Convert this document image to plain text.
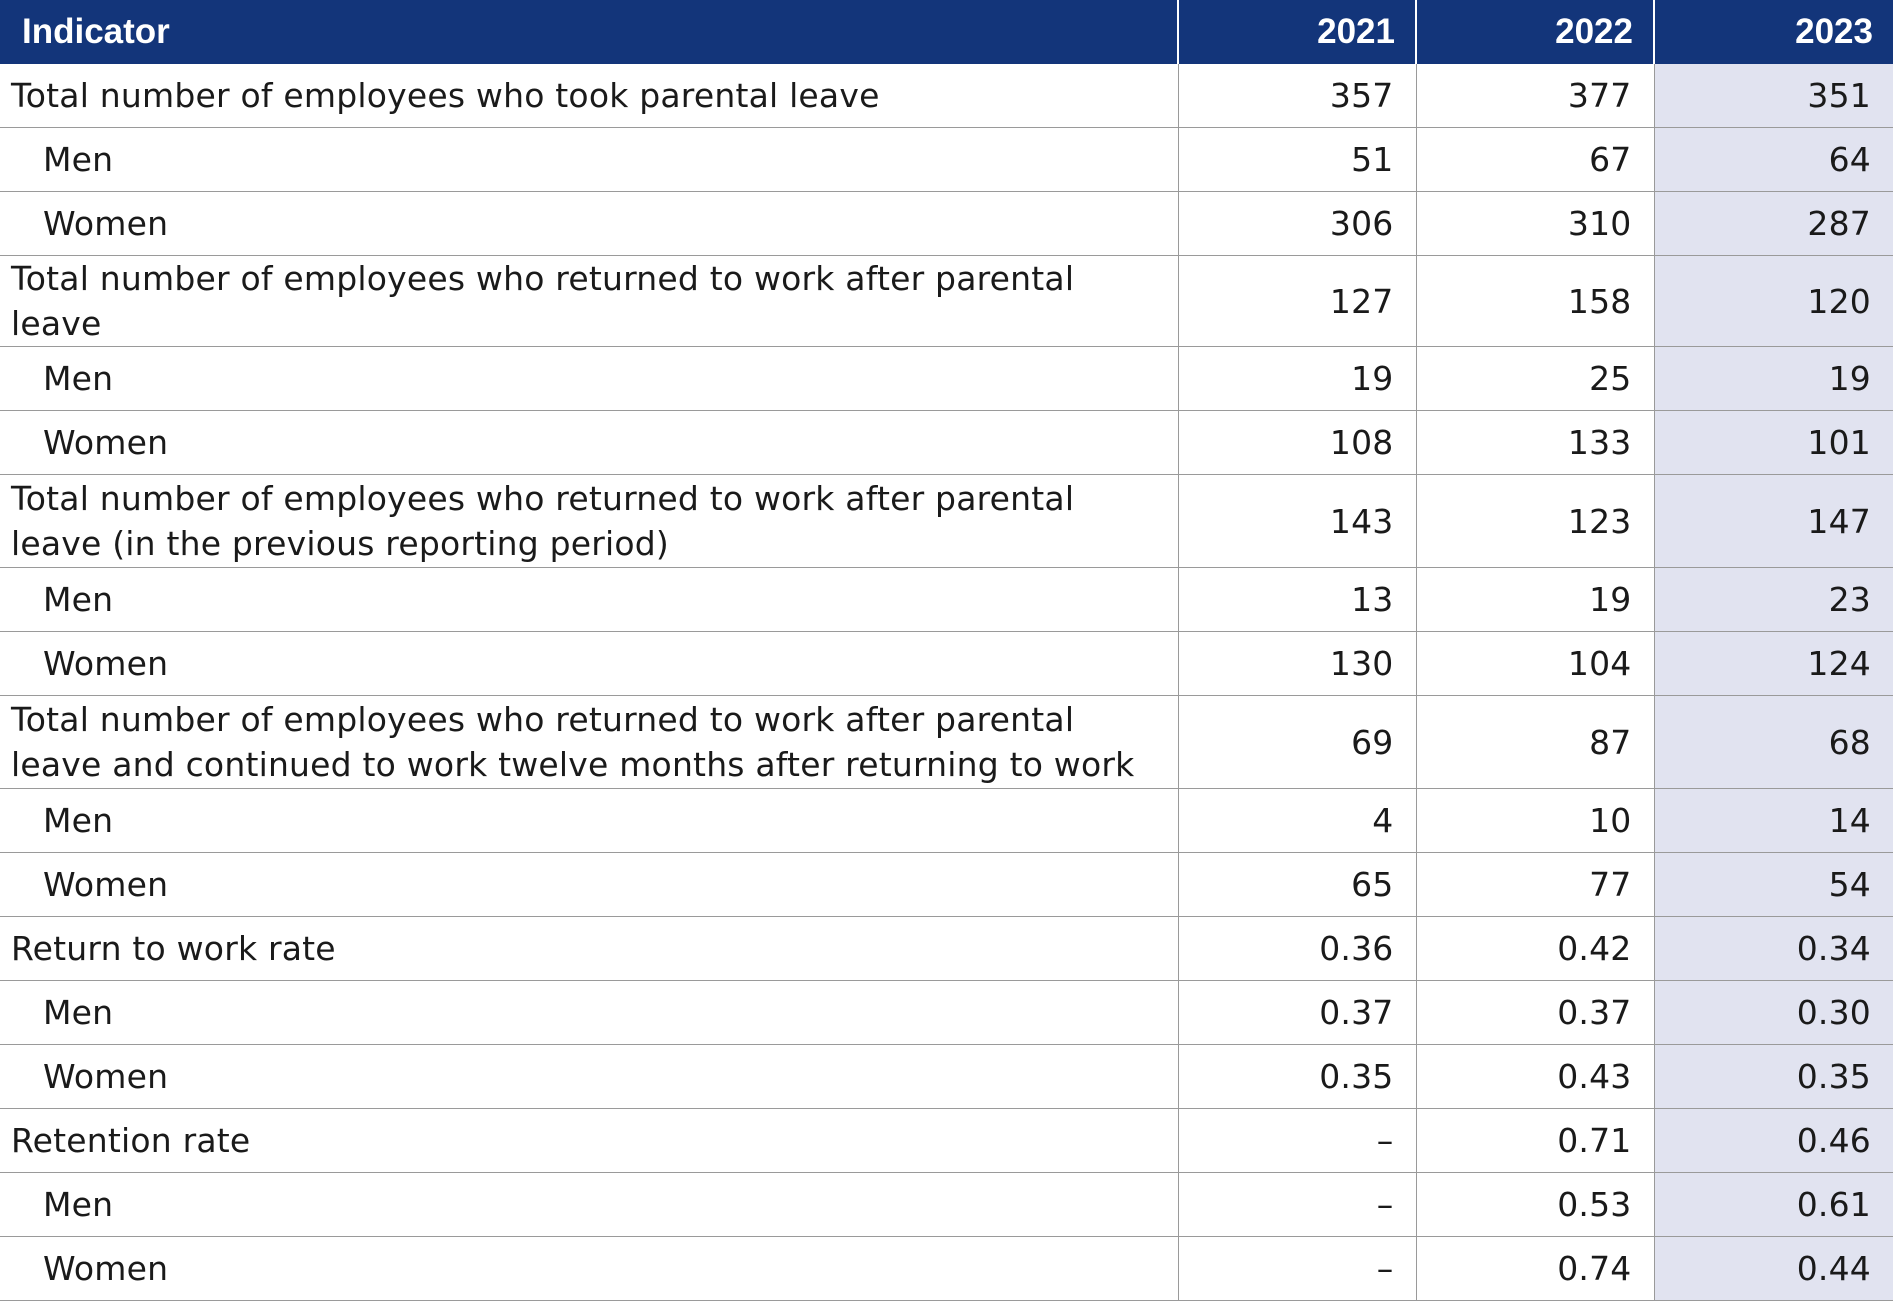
Indicator	2021	2022	2023
Total number of employees who took parental leave	357	377	351
Men	51	67	64
Women	306	310	287
Total number of employees who returned to work after parental leave	127	158	120
Men	19	25	19
Women	108	133	101
Total number of employees who returned to work after parental leave (in the previous reporting period)	143	123	147
Men	13	19	23
Women	130	104	124
Total number of employees who returned to work after parental leave and continued to work twelve months after returning to work	69	87	68
Men	4	10	14
Women	65	77	54
Return to work rate	0.36	0.42	0.34
Men	0.37	0.37	0.30
Women	0.35	0.43	0.35
Retention rate	–	0.71	0.46
Men	–	0.53	0.61
Women	–	0.74	0.44
